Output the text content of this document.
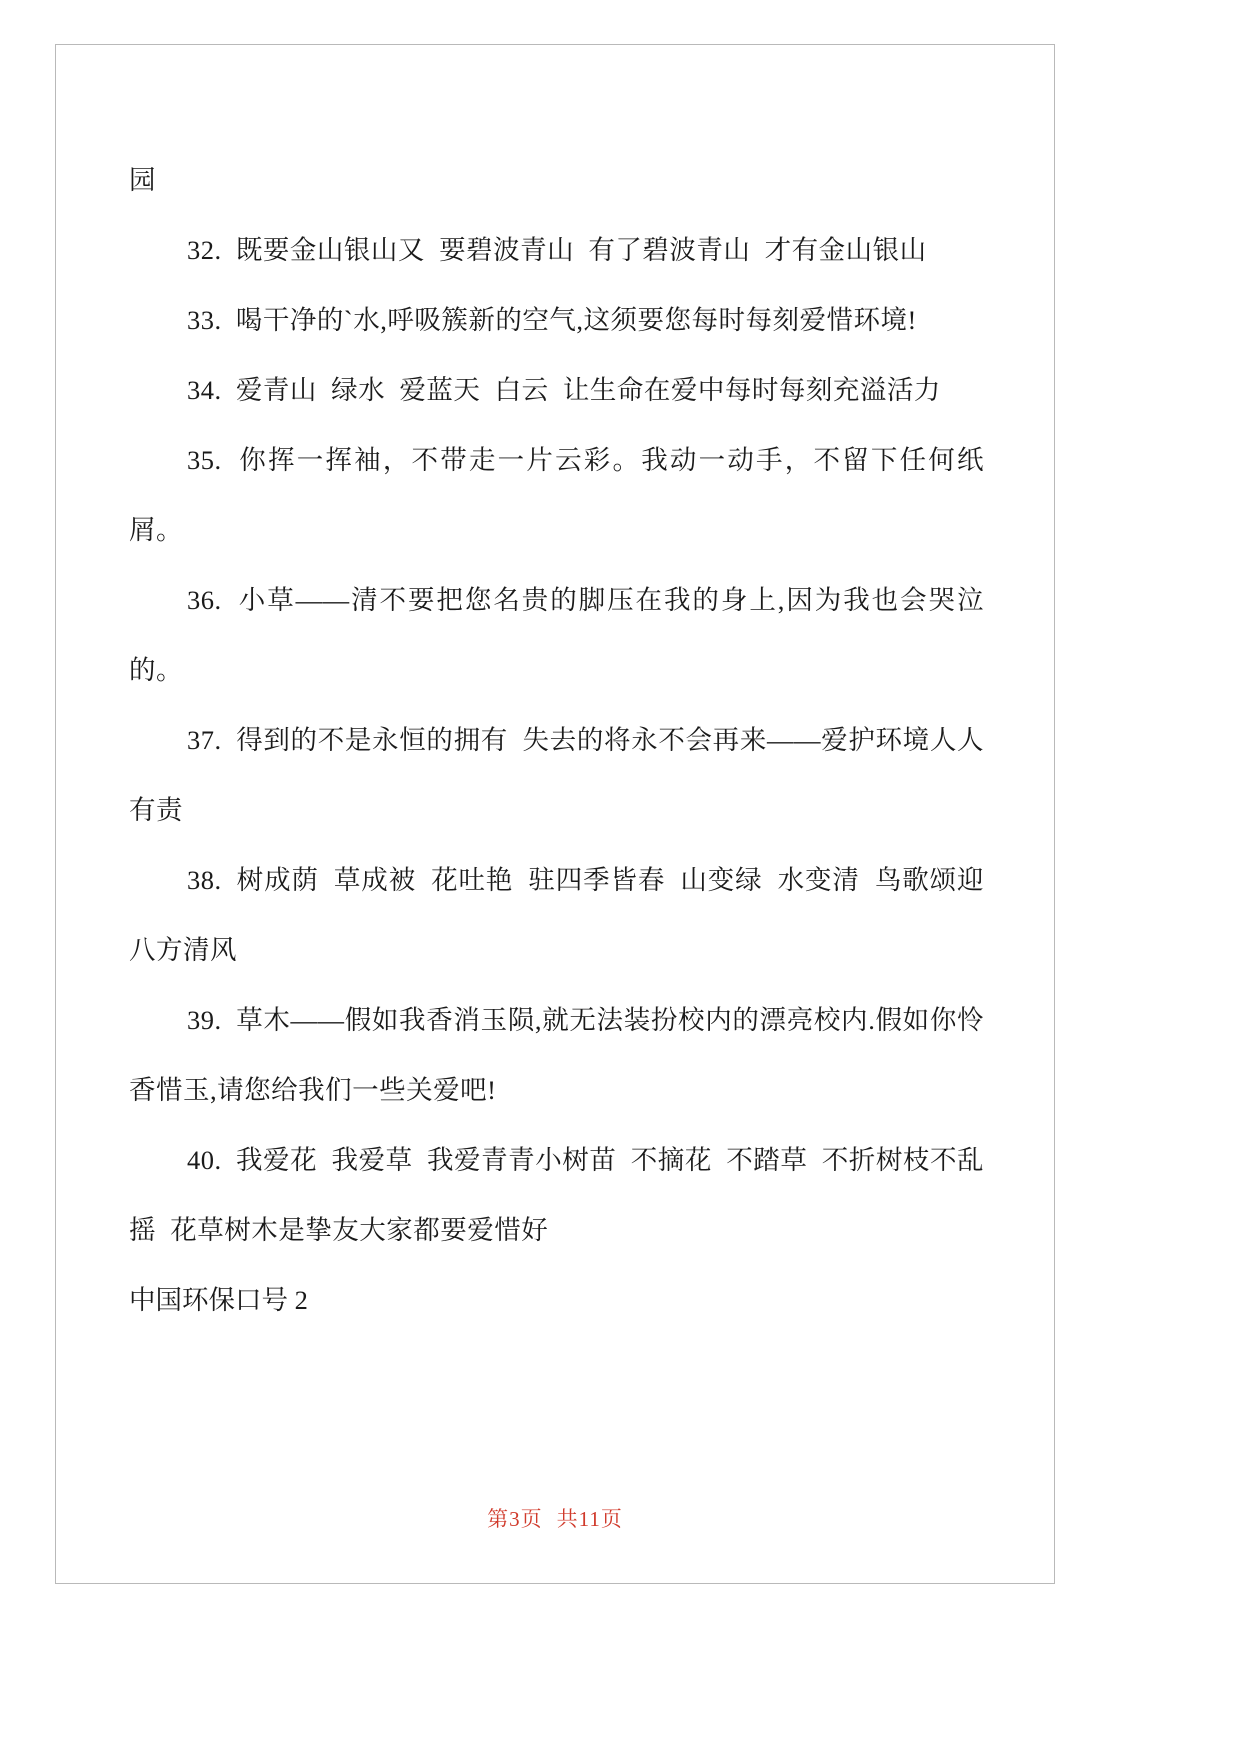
园

32. 既要金山银山又  要碧波青山  有了碧波青山  才有金山银山

33. 喝干净的`水,呼吸簇新的空气,这须要您每时每刻爱惜环境!

34. 爱青山  绿水  爱蓝天  白云  让生命在爱中每时每刻充溢活力

35. 你挥一挥袖，不带走一片云彩。我动一动手，不留下任何纸屑。

36. 小草——清不要把您名贵的脚压在我的身上,因为我也会哭泣的。

37. 得到的不是永恒的拥有  失去的将永不会再来——爱护环境人人有责

38. 树成荫  草成被  花吐艳  驻四季皆春  山变绿  水变清  鸟歌颂迎八方清风

39. 草木——假如我香消玉陨,就无法装扮校内的漂亮校内.假如你怜香惜玉,请您给我们一些关爱吧!

40. 我爱花  我爱草  我爱青青小树苗  不摘花  不踏草  不折树枝不乱摇  花草树木是挚友大家都要爱惜好

中国环保口号 2

第3页 共11页
